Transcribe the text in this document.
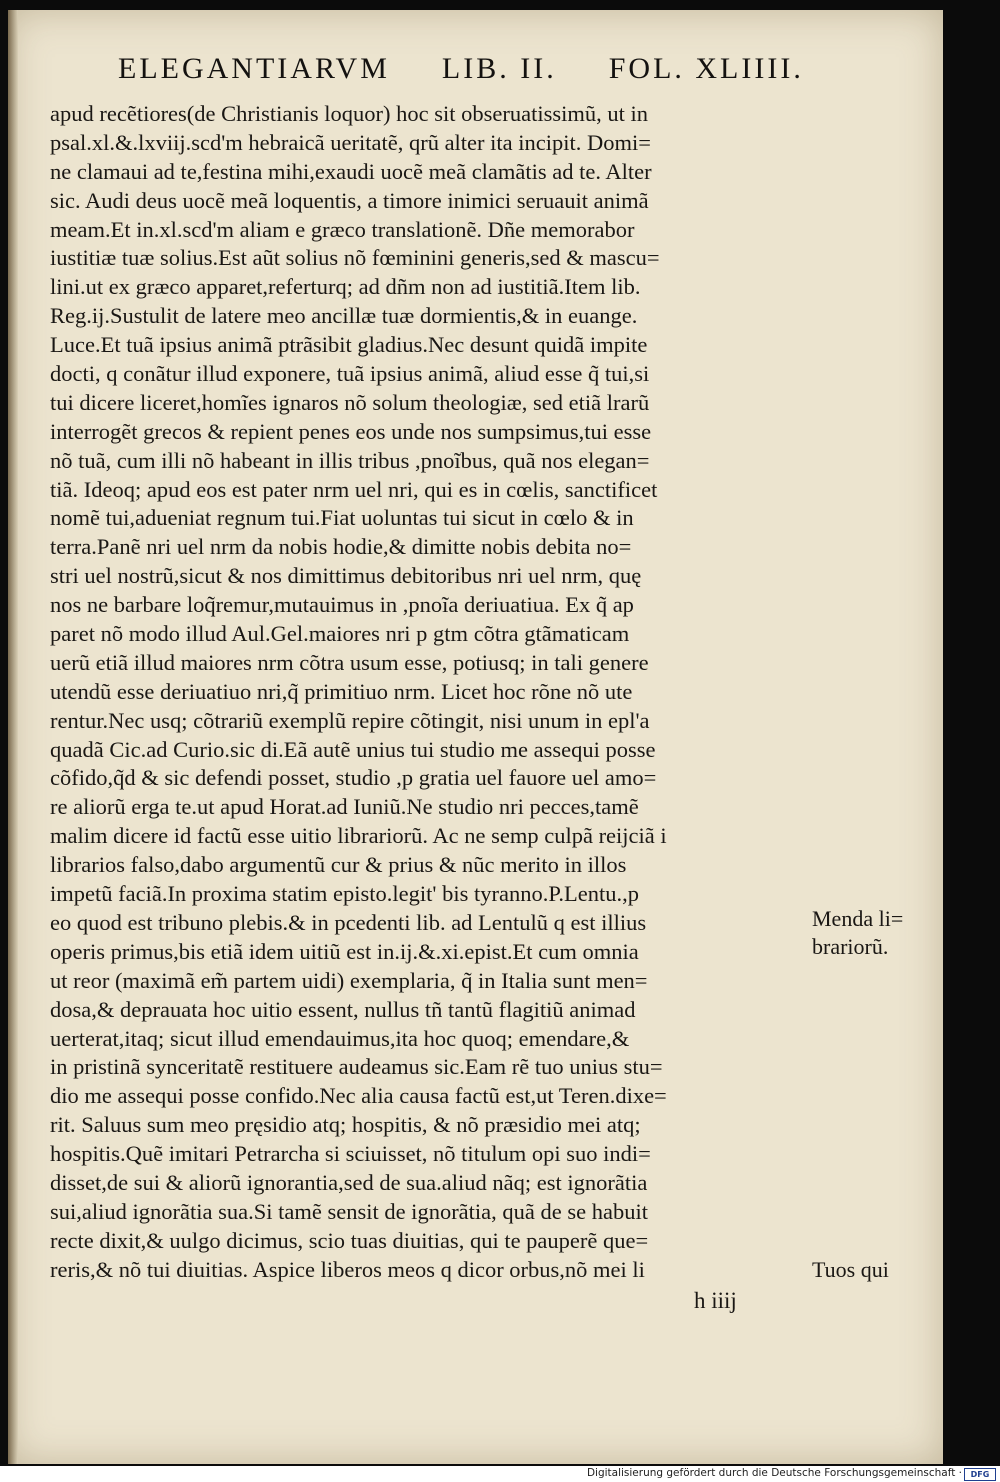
ELEGANTIARVM LIB. II. FOL. XLIIII.
apud recẽtiores(de Christianis loquor) hoc sit obseruatissimũ, ut in
psal.xl.&.lxviij.scd'm hebraicã ueritatẽ, qrũ alter ita incipit. Domi=
ne clamaui ad te,festina mihi,exaudi uocẽ meã clamãtis ad te. Alter
sic. Audi deus uocẽ meã loquentis, a timore inimici seruauit animã
meam.Et in.xl.scd'm aliam e græco translationẽ. Dñe memorabor
iustitiæ tuæ solius.Est aũt solius nõ fœminini generis,sed & mascu=
lini.ut ex græco apparet,referturq; ad dñm non ad iustitiã.Item lib.
Reg.ij.Sustulit de latere meo ancillæ tuæ dormientis,& in euange.
Luce.Et tuã ipsius animã ptrãsibit gladius.Nec desunt quidã impite
docti, q conãtur illud exponere, tuã ipsius animã, aliud esse q̃ tui,si
tui dicere liceret,homĩes ignaros nõ solum theologiæ, sed etiã lrarũ
interrogẽt grecos & repient penes eos unde nos sumpsimus,tui esse
nõ tuã, cum illi nõ habeant in illis tribus ,pnoĩbus, quã nos elegan=
tiã. Ideoq; apud eos est pater nrm uel nri, qui es in cœlis, sanctificet
nomẽ tui,adueniat regnum tui.Fiat uoluntas tui sicut in cœlo & in
terra.Panẽ nri uel nrm da nobis hodie,& dimitte nobis debita no=
stri uel nostrũ,sicut & nos dimittimus debitoribus nri uel nrm, quę
nos ne barbare loq̃remur,mutauimus in ,pnoĩa deriuatiua. Ex q̃ ap
paret nõ modo illud Aul.Gel.maiores nri p gtm cõtra gtãmaticam
uerũ etiã illud maiores nrm cõtra usum esse, potiusq; in tali genere
utendũ esse deriuatiuo nri,q̃ primitiuo nrm. Licet hoc rõne nõ ute
rentur.Nec usq; cõtrariũ exemplũ repire cõtingit, nisi unum in epl'a
quadã Cic.ad Curio.sic di.Eã autẽ unius tui studio me assequi posse
cõfido,q̃d & sic defendi posset, studio ,p gratia uel fauore uel amo=
re aliorũ erga te.ut apud Horat.ad Iuniũ.Ne studio nri pecces,tamẽ
malim dicere id factũ esse uitio librariorũ. Ac ne semp culpã reijciã i
librarios falso,dabo argumentũ cur & prius & nũc merito in illos
impetũ faciã.In proxima statim episto.legit' bis tyranno.P.Lentu.,p
eo quod est tribuno plebis.& in pcedenti lib. ad Lentulũ q est illius
operis primus,bis etiã idem uitiũ est in.ij.&.xi.epist.Et cum omnia
ut reor (maximã em̃ partem uidi) exemplaria, q̃ in Italia sunt men=
dosa,& deprauata hoc uitio essent, nullus tñ tantũ flagitiũ animad
uerterat,itaq; sicut illud emendauimus,ita hoc quoq; emendare,&
in pristinã synceritatẽ restituere audeamus sic.Eam rẽ tuo unius stu=
dio me assequi posse confido.Nec alia causa factũ est,ut Teren.dixe=
rit. Saluus sum meo pręsidio atq; hospitis, & nõ præsidio mei atq;
hospitis.Quẽ imitari Petrarcha si sciuisset, nõ titulum opi suo indi=
disset,de sui & aliorũ ignorantia,sed de sua.aliud nãq; est ignorãtia
sui,aliud ignorãtia sua.Si tamẽ sensit de ignorãtia, quã de se habuit
recte dixit,& uulgo dicimus, scio tuas diuitias, qui te pauperẽ que=
reris,& nõ tui diuitias. Aspice liberos meos q dicor orbus,nõ mei li
Menda li=
brariorũ.
Tuos qui
h iiij
Digitalisierung gefördert durch die Deutsche Forschungsgemeinschaft ·	DFG
